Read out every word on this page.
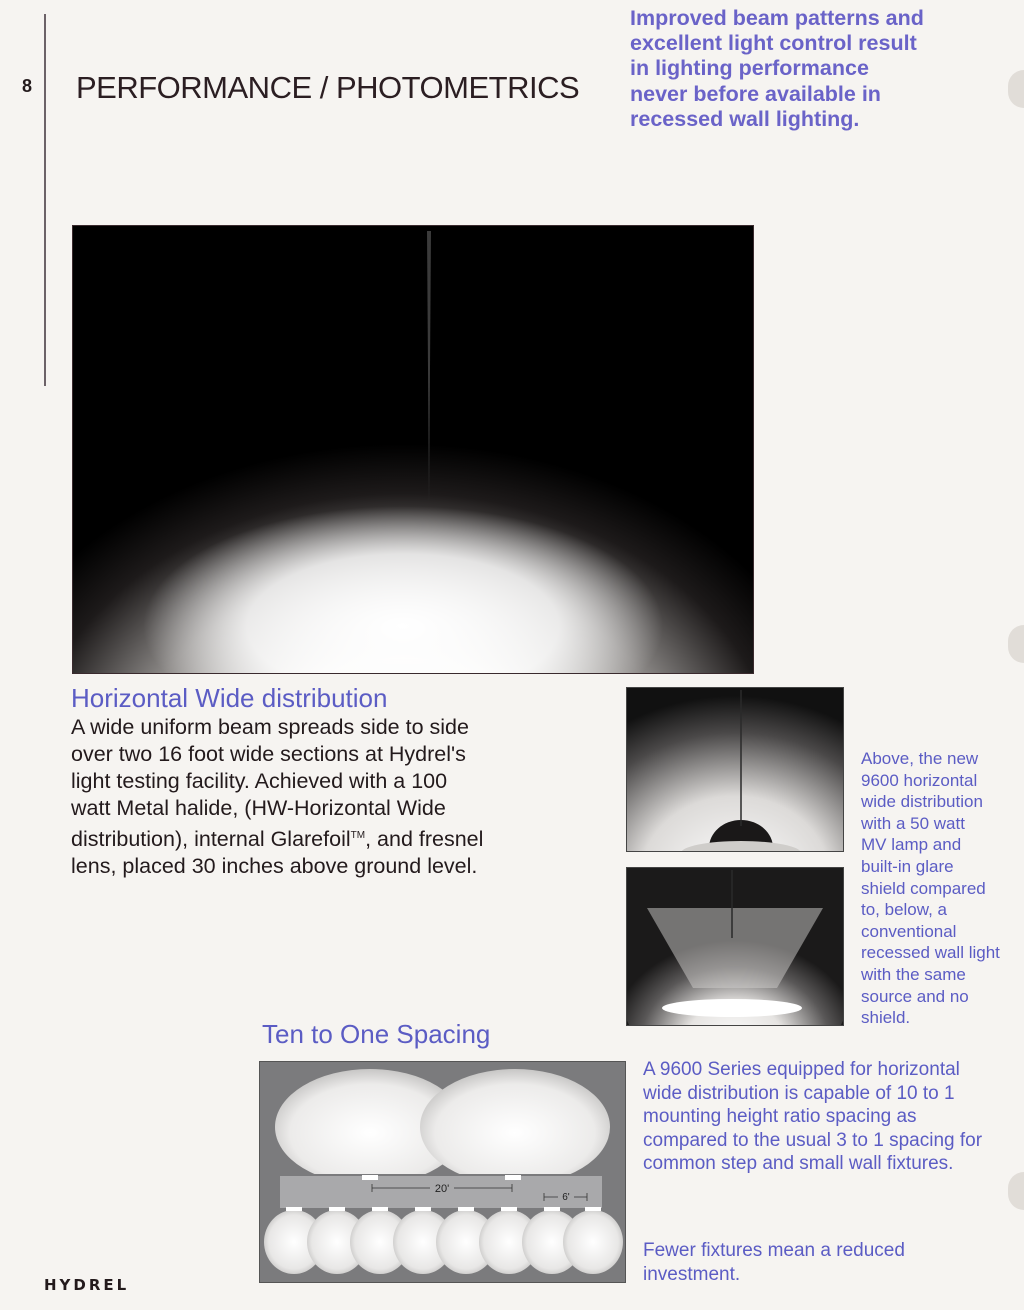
8 PERFORMANCE / PHOTOMETRICS
Improved beam patterns and excellent light control result in lighting performance never before available in recessed wall lighting.
Horizontal Wide distribution
A wide uniform beam spreads side to side over two 16 foot wide sections at Hydrel's light testing facility. Achieved with a 100 watt Metal halide, (HW-Horizontal Wide distribution), internal Glarefoil™, and fresnel lens, placed 30 inches above ground level.
Above, the new
9600 horizontal
wide distribution
with a 50 watt
MV lamp and
built-in glare
shield compared
to, below, a
conventional
recessed wall light
with the same
source and no
shield.
Ten to One Spacing
20'
6'
A 9600 Series equipped for horizontal wide distribution is capable of 10 to 1 mounting height ratio spacing as compared to the usual 3 to 1 spacing for common step and small wall fixtures.
Fewer fixtures mean a reduced investment.
HYDREL
